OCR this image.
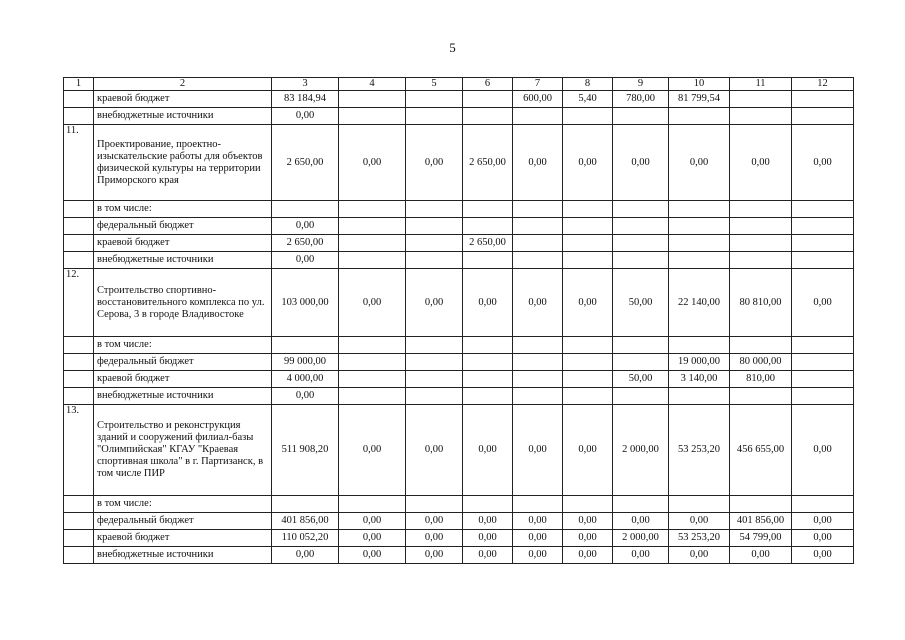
5
1	2	3	4	5	6	7	8	9	10	11	12
	краевой бюджет	83 184,94				600,00	5,40	780,00	81 799,54		
	внебюджетные источники	0,00									
11.	Проектирование, проектно-изыскательские работы для объектов физической культуры на территории Приморского края	2 650,00	0,00	0,00	2 650,00	0,00	0,00	0,00	0,00	0,00	0,00
	в том числе:										
	федеральный бюджет	0,00									
	краевой бюджет	2 650,00			2 650,00						
	внебюджетные источники	0,00									
12.	Строительство спортивно-восстановительного комплекса по ул. Серова, 3 в городе Владивостоке	103 000,00	0,00	0,00	0,00	0,00	0,00	50,00	22 140,00	80 810,00	0,00
	в том числе:										
	федеральный бюджет	99 000,00							19 000,00	80 000,00	
	краевой бюджет	4 000,00						50,00	3 140,00	810,00	
	внебюджетные источники	0,00									
13.	Строительство и реконструкция зданий и сооружений филиал-базы "Олимпийская" КГАУ "Краевая спортивная школа" в г. Партизанск, в том числе ПИР	511 908,20	0,00	0,00	0,00	0,00	0,00	2 000,00	53 253,20	456 655,00	0,00
	в том числе:										
	федеральный бюджет	401 856,00	0,00	0,00	0,00	0,00	0,00	0,00	0,00	401 856,00	0,00
	краевой бюджет	110 052,20	0,00	0,00	0,00	0,00	0,00	2 000,00	53 253,20	54 799,00	0,00
	внебюджетные источники	0,00	0,00	0,00	0,00	0,00	0,00	0,00	0,00	0,00	0,00
